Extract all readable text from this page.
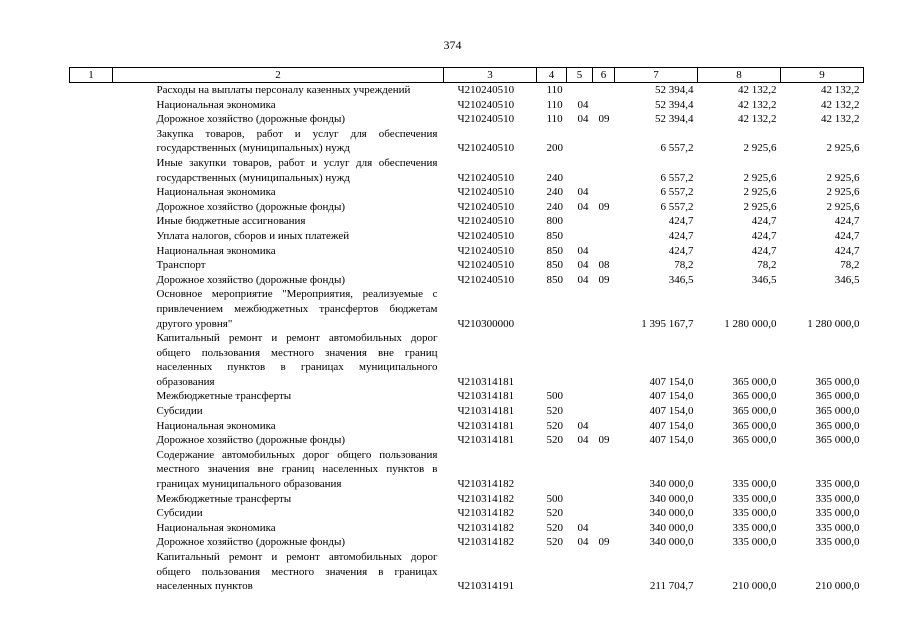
374
1	2	3	4	5	6	7	8	9
	Расходы на выплаты персоналу казенных учреждений	Ч210240510	110			52 394,4	42 132,2	42 132,2
	Национальная экономика	Ч210240510	110	04		52 394,4	42 132,2	42 132,2
	Дорожное хозяйство (дорожные фонды)	Ч210240510	110	04	09	52 394,4	42 132,2	42 132,2
	Закупка товаров, работ и услуг для обеспечения государственных (муниципальных) нужд	Ч210240510	200			6 557,2	2 925,6	2 925,6
	Иные закупки товаров, работ и услуг для обеспечения государственных (муниципальных) нужд	Ч210240510	240			6 557,2	2 925,6	2 925,6
	Национальная экономика	Ч210240510	240	04		6 557,2	2 925,6	2 925,6
	Дорожное хозяйство (дорожные фонды)	Ч210240510	240	04	09	6 557,2	2 925,6	2 925,6
	Иные бюджетные ассигнования	Ч210240510	800			424,7	424,7	424,7
	Уплата налогов, сборов и иных платежей	Ч210240510	850			424,7	424,7	424,7
	Национальная экономика	Ч210240510	850	04		424,7	424,7	424,7
	Транспорт	Ч210240510	850	04	08	78,2	78,2	78,2
	Дорожное хозяйство (дорожные фонды)	Ч210240510	850	04	09	346,5	346,5	346,5
	Основное мероприятие "Мероприятия, реализуемые с привлечением межбюджетных трансфертов бюджетам другого уровня"	Ч210300000				1 395 167,7	1 280 000,0	1 280 000,0
	Капитальный ремонт и ремонт автомобильных дорог общего пользования местного значения вне границ населенных пунктов в границах муниципального образования	Ч210314181				407 154,0	365 000,0	365 000,0
	Межбюджетные трансферты	Ч210314181	500			407 154,0	365 000,0	365 000,0
	Субсидии	Ч210314181	520			407 154,0	365 000,0	365 000,0
	Национальная экономика	Ч210314181	520	04		407 154,0	365 000,0	365 000,0
	Дорожное хозяйство (дорожные фонды)	Ч210314181	520	04	09	407 154,0	365 000,0	365 000,0
	Содержание автомобильных дорог общего пользования местного значения вне границ населенных пунктов в границах муниципального образования	Ч210314182				340 000,0	335 000,0	335 000,0
	Межбюджетные трансферты	Ч210314182	500			340 000,0	335 000,0	335 000,0
	Субсидии	Ч210314182	520			340 000,0	335 000,0	335 000,0
	Национальная экономика	Ч210314182	520	04		340 000,0	335 000,0	335 000,0
	Дорожное хозяйство (дорожные фонды)	Ч210314182	520	04	09	340 000,0	335 000,0	335 000,0
	Капитальный ремонт и ремонт автомобильных дорог общего пользования местного значения в границах населенных пунктов	Ч210314191				211 704,7	210 000,0	210 000,0
